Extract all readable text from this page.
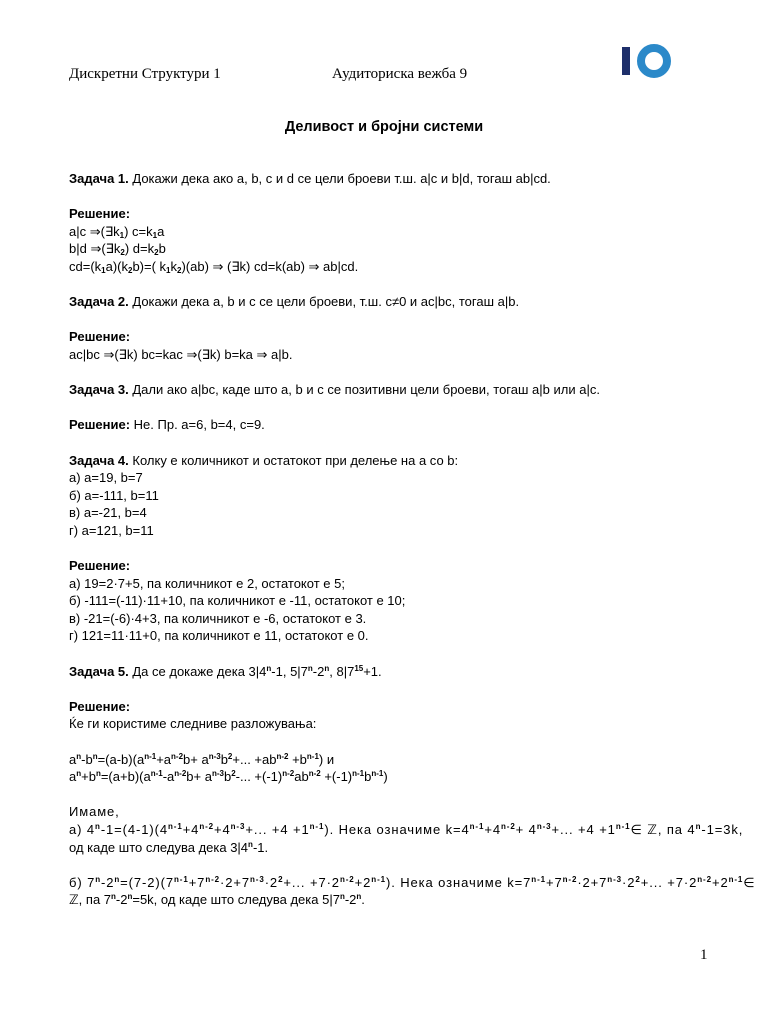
Дискретни Структури 1	Аудиториска вежба 9
Деливост и бројни системи
Задача 1. Докажи дека ако a, b, c и d се цели броеви т.ш. a|c и b|d, тогаш ab|cd.
Решение:
a|c $\Rightarrow(\exists k_1)$ $c=k_1a$
b|d $\Rightarrow(\exists k_2)$ $d=k_2b$
$cd=(k_1a)(k_2b)=$( $k_1k_2)(ab)$ ⇒ (∃k) cd=k(ab) ⇒ ab|cd.
Задача 2. Докажи дека a, b и c се цели броеви, т.ш. c≠0 и ac|bc, тогаш a|b.
Решение:
ac|bc ⇒(∃k) bc=kac ⇒(∃k) b=ka ⇒ a|b.
Задача 3. Дали ако a|bc, каде што a, b и c се позитивни цели броеви, тогаш a|b или a|c.
Решение: Не. Пр. a=6, b=4, c=9.
Задача 4. Колку е количникот и остатокот при делење на a со b:
а) a=19, b=7
б) a=-111, b=11
в) a=-21, b=4
г) a=121, b=11
Решение:
а) 19=2·7+5, па количникот е 2, остатокот е 5;
б) -111=(-11)·11+10, па количникот е -11, остатокот е 10;
в) -21=(-6)·4+3, па количникот е -6, остатокот е 3.
г) 121=11·11+0, па количникот е 11, остатокот е 0.
Задача 5. Да се докаже дека 3|4$^n$-1, 5|7$^n$-2$^n$, $8|7^{15}+1$.
Решение:
Ќе ги користиме следниве разложувања:
$a^n-b^n=(a-b)(a^{n-1}+a^{n-2}b+ a^{n-3}b^2+$... $+ab^{n-2} +b^{n-1}$) и
$a^n+b^n=(a+b)(a^{n-1}-a^{n-2}b+ a^{n-3}b^2-$... $+(-1)^{n-2}ab^{n-2} +(-1)^{n-1}b^{n-1}$)
Имаме,
а) $4^n-1=(4-1)(4^{n-1}+4^{n-2}+4^{n-3}+$... $+4 +1^{n-1}$). Нека означиме $k=4^{n-1}+4^{n-2}+ 4^{n-3}+$... $+4 +1^{n-1}\in$ ℤ, па $4^n-1=3k$,
од каде што следува дека 3|4$^n$-1.
б) $7^n-2^n=(7-2)(7^{n-1}+7^{n-2}\cdot 2+7^{n-3}\cdot 2^2+$... $+7\cdot 2^{n-2}+2^{n-1}$). Нека означиме $k=7^{n-1}+7^{n-2}\cdot 2+7^{n-3}\cdot 2^2+$... $+7\cdot 2^{n-2}+2^{n-1}\in$
ℤ, па $7^n-2^n=5k$, од каде што следува дека 5|7$^n$-2$^n$.
1
